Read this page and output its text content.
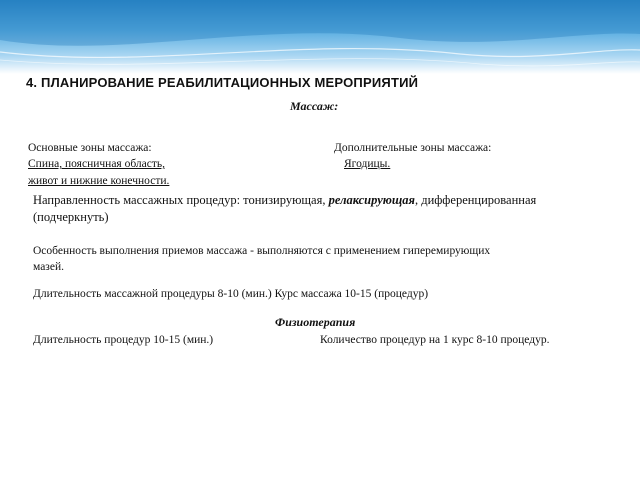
4. ПЛАНИРОВАНИЕ РЕАБИЛИТАЦИОННЫХ МЕРОПРИЯТИЙ
Массаж:
Основные зоны массажа:
Спина, поясничная область,
живот и нижние конечности.
Дополнительные зоны массажа:
Ягодицы.
Направленность массажных процедур: тонизирующая, релаксирующая, дифференцированная
(подчеркнуть)
Особенность выполнения приемов массажа - выполняются с применением гиперемирующих
мазей.
Длительность массажной процедуры 8-10 (мин.) Курс массажа 10-15 (процедур)
Физиотерапия
Длительность процедур 10-15 (мин.)	Количество процедур на 1 курс 8-10 процедур.
